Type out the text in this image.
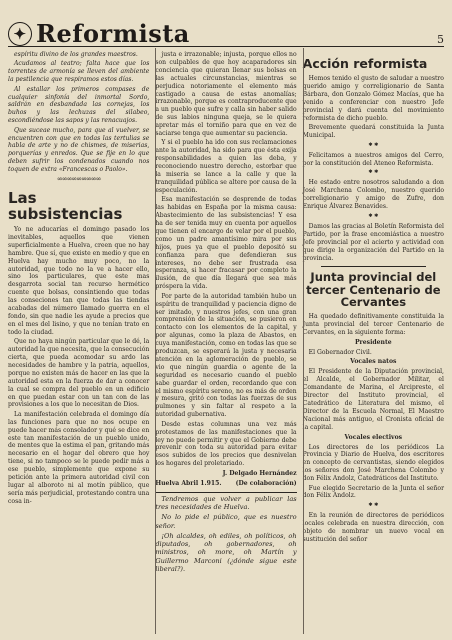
✦ Reformista	5

espíritu divino de los grandes maestros.

Acudamos al teatro; falta hace que los torrentes de armonía se lleven del ambiente la pestilencia que respiramos estos días.

Al estallar los primeros compases de cualquier sinfonía del inmortal Sordo, saldrán en desbandada las cornejas, los buhos y las lechuzas del silabeo, escondiéndose las sapos y las renacuajos.

Que suceae mucho, para que al vuelver, se encuentren con que en todas las tertulias se habla de arte y no de chismes, de miserias, porquerías y enredos. Que se fije en lo que deben sufrir los condenados cuando nos toquen de extra «Francescas o Paolo».

∞∞∞∞∞∞∞∞∞
Las subsistencias

Yo ne aducarías el domingo pasado los inevitables, aquellos que vienen superficialmente a Huelva, creen que no hay hambre. Que sí, que existe en medio y que en Huelva hay mucho muy poco, no la autoridad, que todo no la ve a hacer ello, sino los particulares, que este mas desgarrota social tan recurso hermético cuente que bolsas, consintiendo que todas las conseciones tan que todas las tiendas acabadas del número llamado guerra en el fondo, sin que nadie les ayude a precios que en el mes del lisino, y que no tenían trato en todo la ciudad.

Que no haya ningún particular que le dé, la autoridad la que necesita, que la consecución cierta, que pueda acomodar su ardo las necesidades de hambre y la patria, aquellos, porque no existen más de hacer en las que la autoridad esta en la fuerza de dar a conocer la cual se compra del pueblo en un edificio en que puedan estar con un tan con de las provisiones a los que lo necesitan de Dios.

La manifestación celebrada el domingo día las funciones para que no nos ocupe en puede hacer más consolador y qué se dice en este tan manifestación de un pueblo unido, de mentes que la estima el pan, gritando más necesario en el hogar del obrero que hoy tiene, si no tampoco se le puede pedir más a ese pueblo, simplemente que expone su petición ante la primera autoridad civil con lugar al alboroto ni al motín público, que sería más perjudicial, protestando contra una cosa in-

justa e irrazonable; injusta, porque ellos no son culpables de que hoy acaparadores sin conciencia que quieran llenar sus bolsas en las actuales circunstancias, mientras se perjudica notoriamente el elemento más castigado a causa de estas anomalías; irrazonable, porque es contraproducente que a un pueblo que sufre y calla sin haber salido de sus labios ninguna queja, se le quiera apretar más el torniño para que en vez de saciarse tenga que aumentar su paciencia.

Y si el pueblo ha ido con sus reclamaciones ante la autoridad, ha sido para que ésta exija responsabilidades a quien las deba, y reconociendo nuestro derecho, estorbar que la miseria se lance a la calle y que la tranquilidad pública se altere por causa de la especulación.

Esa manifestación se desprende de todas las habidas en España por la misma causa: Abastecimiento de las subsistencias! Y esa ha de ser tenida muy en cuenta por aquellos que tienen el encargo de velar por el pueblo, como un padre amantísimo mira por sus hijos, pues ya que el pueblo depositó su confianza para que defendieran sus intereses, no debe ser frustrada esa esperanza, si hacer fracasar por completo la ilusión, de que día llegará que sea más próspera la vida.

Por parte de la autoridad también hubo un espíritu de tranquilidad y paciencia digno de ser imitado, y nuestros jefes, con una gran comprensión de la situación, se pusieron en contacto con los elementos de la capital, y por algunas, como la plaza de Abastos, en cuya manifestación, como en todas las que se produzcan, se esperará la justa y necesaria atención en la aglomeración de pueblo, se vio que ningún guardia o agente de la seguridad es necesario cuando el pueblo sabe guardar el orden, recordando que con el mismo espíritu sereno, no es más de orden y mesura, gritó con todas las fuerzas de sus pulmones y sin faltar al respeto a la autoridad gubernativa.

Desde estas columnas una vez más protestamos de las manifestaciones que la ley no puede permitir y que el Gobierno debe prevenir con toda su autoridad para evitar esos subidos de los precios que desnivelan los hogares del proletariado.

J. Delgado Hernández
Huelva Abril 1.915. (De colaboración)

Tendremos que volver a publicar las tres necesidades de Huelva.

No lo pide el público, que es nuestro señor.

¡Oh alcaldes, oh ediles, oh políticos, oh diputados, oh gobernadores, oh ministros, oh more, oh Martín y Guillermo Marconi (¿dónde sigue este liberal?).

Acción reformista

Hemos tenido el gusto de saludar a nuestro querido amigo y correligionario de Santa Bárbara, don Gonzalo Gómez Macías, que ha venido a conferenciar con nuestro Jefe provincial y dará cuenta del movimiento reformista de dicho pueblo.

Brevemente quedará constituida la Junta Municipal.

✱ ✱

Felicitamos a nuestros amigos del Cerro, por la constitución del Ateneo Reformista.

✱ ✱

He estado entre nosotros saludando a don José Marchena Colombo, nuestro querido correligionario y amigo de Zufre, don Enrique Álvarez Benavides.

✱ ✱

Damos las gracias al Boletín Reformista del Partido, por la frase encomiástica a nuestro Jefe provincial por el acierto y actividad con que dirige la organización del Partido en la provincia.

Junta provincial del tercer Centenario de Cervantes

Ha quedado definitivamente constituida la Junta provincial del tercer Centenario de Cervantes, en la siguiente forma:

Presidente

El Gobernador Civil.

Vocales natos

El Presidente de la Diputación provincial, el Alcalde, el Gobernador Militar, el Comandante de Marina, el Arcipreste, el Director del Instituto provincial, el Catedrático de Literatura del mismo, el Director de la Escuela Normal, El Maestro Nacional más antiguo, el Cronista oficial de la capital.

Vocales electivos

Los directores de los periódicos La Provincia y Diario de Huelva, dos escritores en concepto de cervantistas, siendo elegidos los señores don José Marchena Colombo y don Félix Andolz, Catedráticos del Instituto.

Fue elegido Secretario de la Junta el señor don Félix Andolz.

✱ ✱

En la reunión de directores de periódicos locales celebrada en nuestra dirección, con objeto de nombrar un nuevo vocal en sustitución del señor
